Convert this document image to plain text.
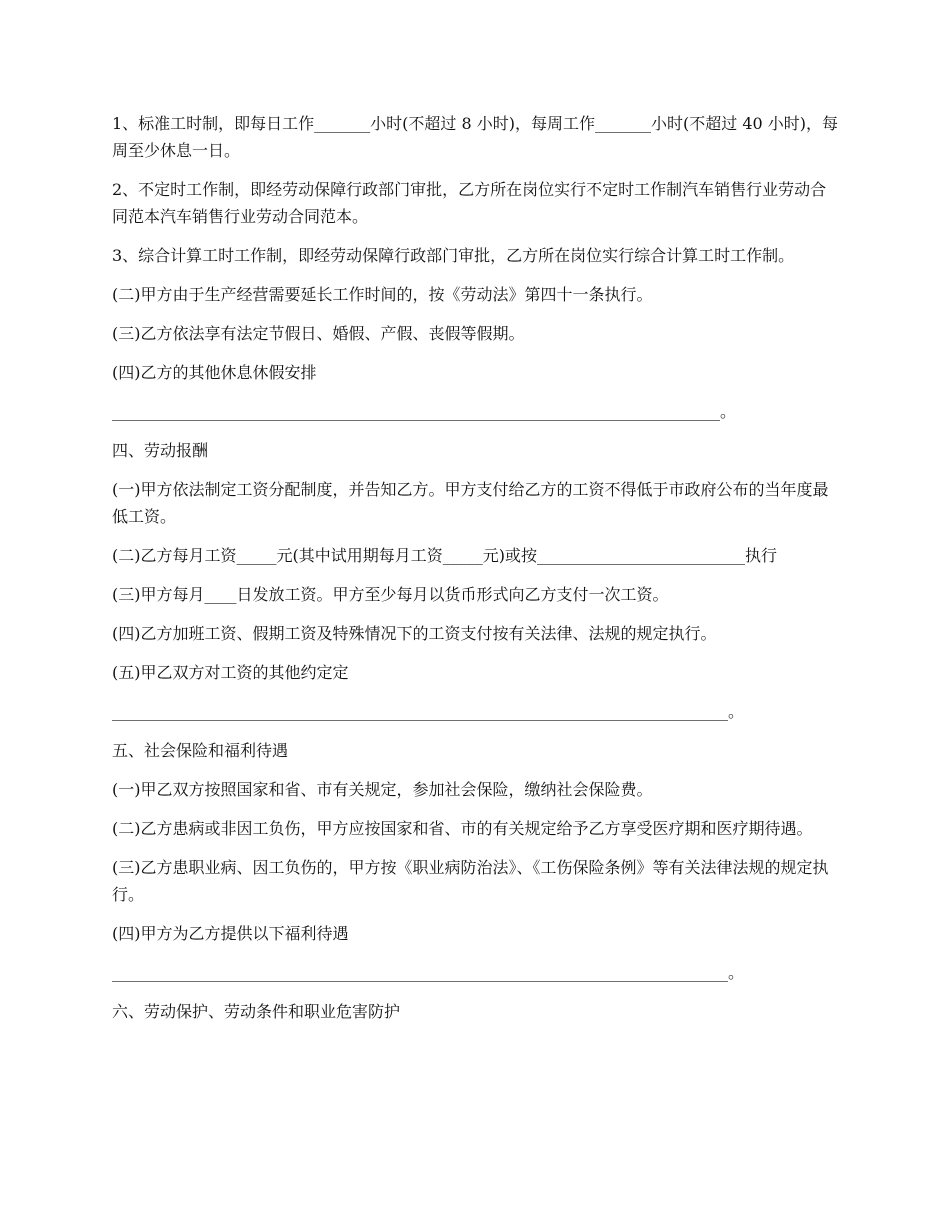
1、标准工时制，即每日工作_______小时(不超过 8 小时)，每周工作_______小时(不超过 40 小时)，每周至少休息一日。

2、不定时工作制，即经劳动保障行政部门审批，乙方所在岗位实行不定时工作制汽车销售行业劳动合同范本汽车销售行业劳动合同范本。

3、综合计算工时工作制，即经劳动保障行政部门审批，乙方所在岗位实行综合计算工时工作制。

(二)甲方由于生产经营需要延长工作时间的，按《劳动法》第四十一条执行。

(三)乙方依法享有法定节假日、婚假、产假、丧假等假期。

(四)乙方的其他休息休假安排

____________________________________________________________________________。

四、劳动报酬

(一)甲方依法制定工资分配制度，并告知乙方。甲方支付给乙方的工资不得低于市政府公布的当年度最低工资。

(二)乙方每月工资_____元(其中试用期每月工资_____元)或按__________________________执行

(三)甲方每月____日发放工资。甲方至少每月以货币形式向乙方支付一次工资。

(四)乙方加班工资、假期工资及特殊情况下的工资支付按有关法律、法规的规定执行。

(五)甲乙双方对工资的其他约定定

_____________________________________________________________________________。

五、社会保险和福利待遇

(一)甲乙双方按照国家和省、市有关规定，参加社会保险，缴纳社会保险费。

(二)乙方患病或非因工负伤，甲方应按国家和省、市的有关规定给予乙方享受医疗期和医疗期待遇。

(三)乙方患职业病、因工负伤的，甲方按《职业病防治法》、《工伤保险条例》等有关法律法规的规定执行。

(四)甲方为乙方提供以下福利待遇

_____________________________________________________________________________。

六、劳动保护、劳动条件和职业危害防护
